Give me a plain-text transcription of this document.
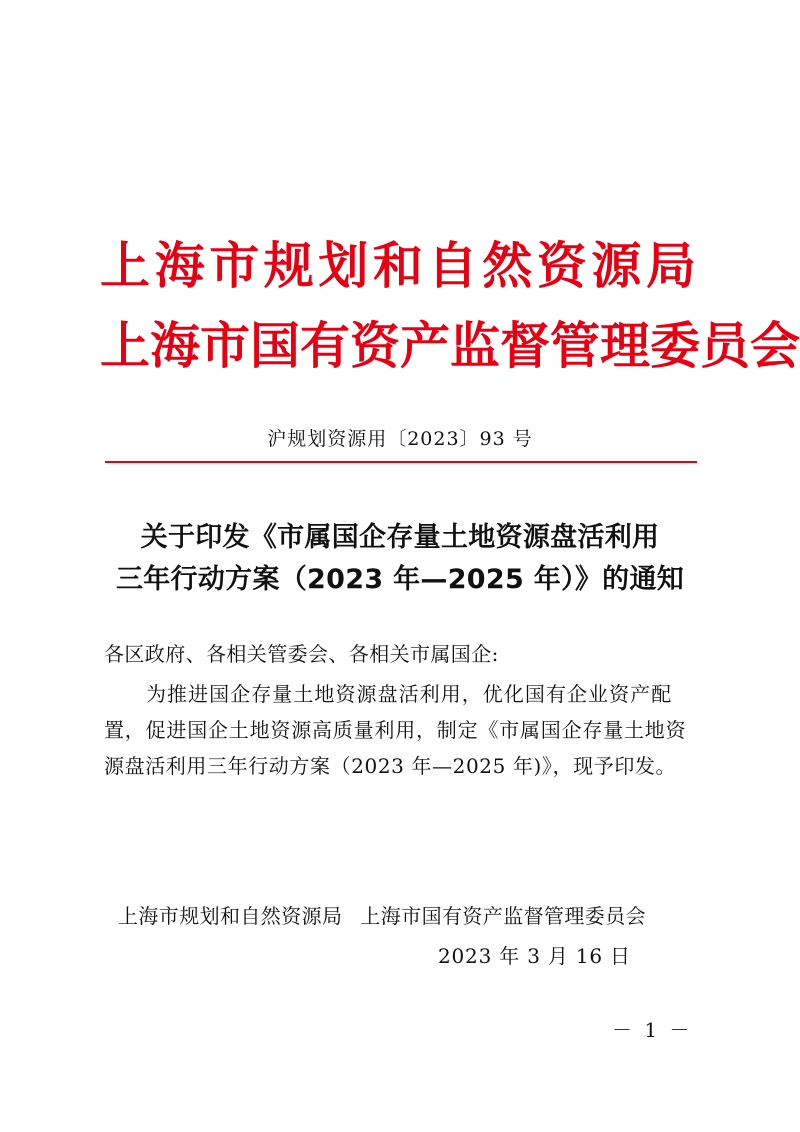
上海市规划和自然资源局
上海市国有资产监督管理委员会
沪规划资源用〔2023〕93 号
关于印发《市属国企存量土地资源盘活利用
三年行动方案（2023 年—2025 年）》的通知
各区政府、各相关管委会、各相关市属国企:
为推进国企存量土地资源盘活利用，优化国有企业资产配
置，促进国企土地资源高质量利用，制定《市属国企存量土地资
源盘活利用三年行动方案（2023 年—2025 年)》，现予印发。
上海市规划和自然资源局 上海市国有资产监督管理委员会
2023 年 3 月 16 日
－ 1 －
